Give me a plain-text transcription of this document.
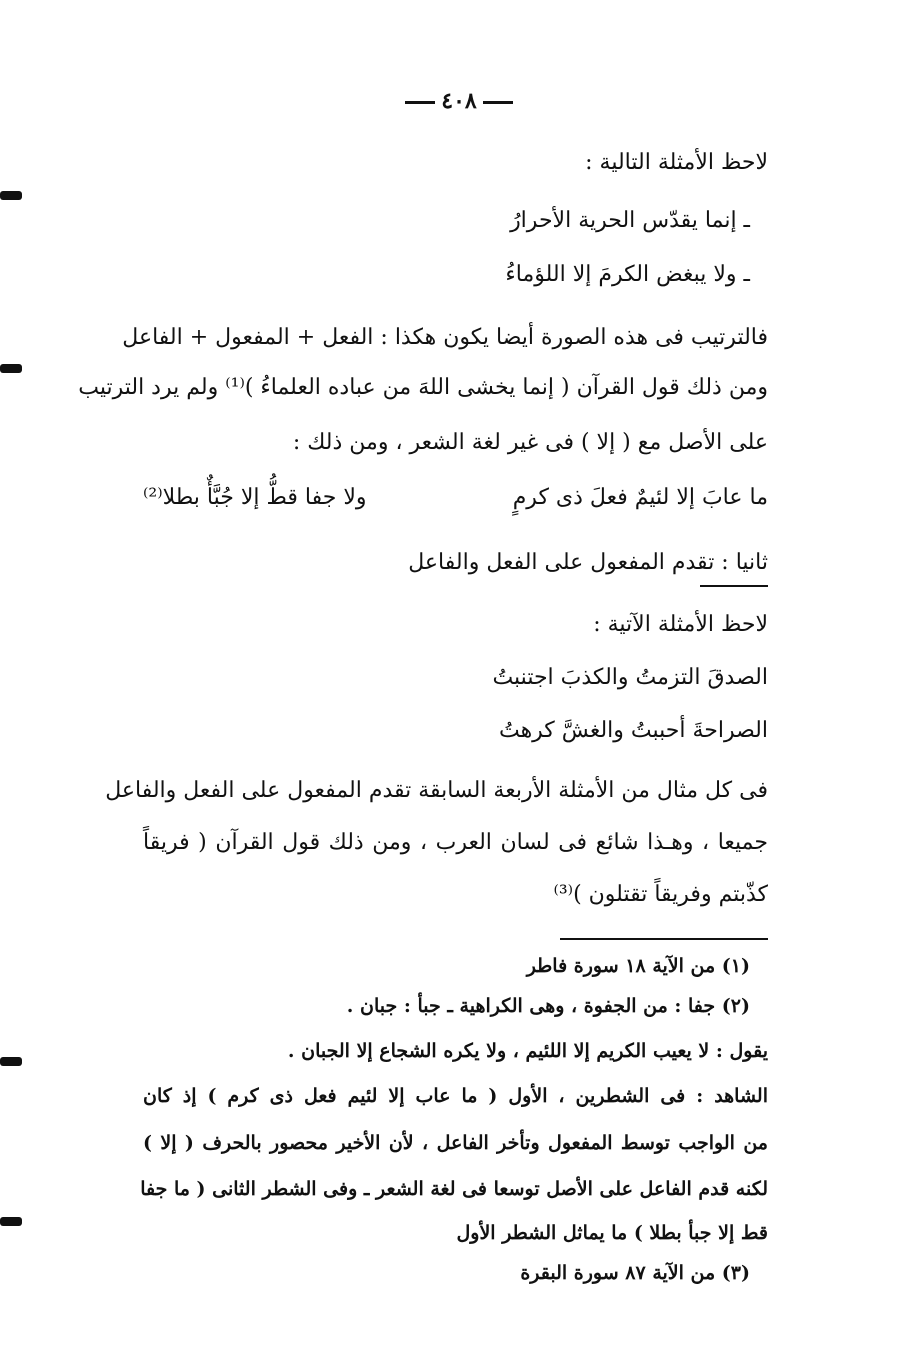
٤٠٨
لاحظ الأمثلة التالية :
ـ إنما يقدّس الحرية الأحرارُ
ـ ولا يبغض الكرمَ إلا اللؤماءُ
فالترتيب فى هذه الصورة أيضا يكون هكذا : الفعل + المفعول + الفاعل
ومن ذلك قول القرآن ( إنما يخشى اللهَ من عباده العلماءُ )⁽¹⁾ ولم يرد الترتيب
على الأصل مع ( إلا ) فى غير لغة الشعر ، ومن ذلك :
ما عابَ إلا لئيمٌ فعلَ ذى كرمٍ
ولا جفا قطُّ إلا جُبَّأٌ بطلا⁽²⁾
ثانيا : تقدم المفعول على الفعل والفاعل
لاحظ الأمثلة الآتية :
الصدقَ التزمتُ والكذبَ اجتنبتُ
الصراحةَ أحببتُ والغشَّ كرهتُ
فى كل مثال من الأمثلة الأربعة السابقة تقدم المفعول على الفعل والفاعل
جميعا ، وهـذا شائع فى لسان العرب ، ومن ذلك قول القرآن ( فريقاً
كذّبتم وفريقاً تقتلون )⁽³⁾
(١) من الآية ١٨ سورة فاطر
(٢) جفا : من الجفوة ، وهى الكراهية ـ جبأ : جبان .
يقول : لا يعيب الكريم إلا اللئيم ، ولا يكره الشجاع إلا الجبان .
الشاهد : فى الشطرين ، الأول ( ما عاب إلا لئيم فعل ذى كرم ) إذ كان
من الواجب توسط المفعول وتأخر الفاعل ، لأن الأخير محصور بالحرف ( إلا )
لكنه قدم الفاعل على الأصل توسعا فى لغة الشعر ـ وفى الشطر الثانى ( ما جفا
قط إلا جبأ بطلا ) ما يماثل الشطر الأول
(٣) من الآية ٨٧ سورة البقرة
